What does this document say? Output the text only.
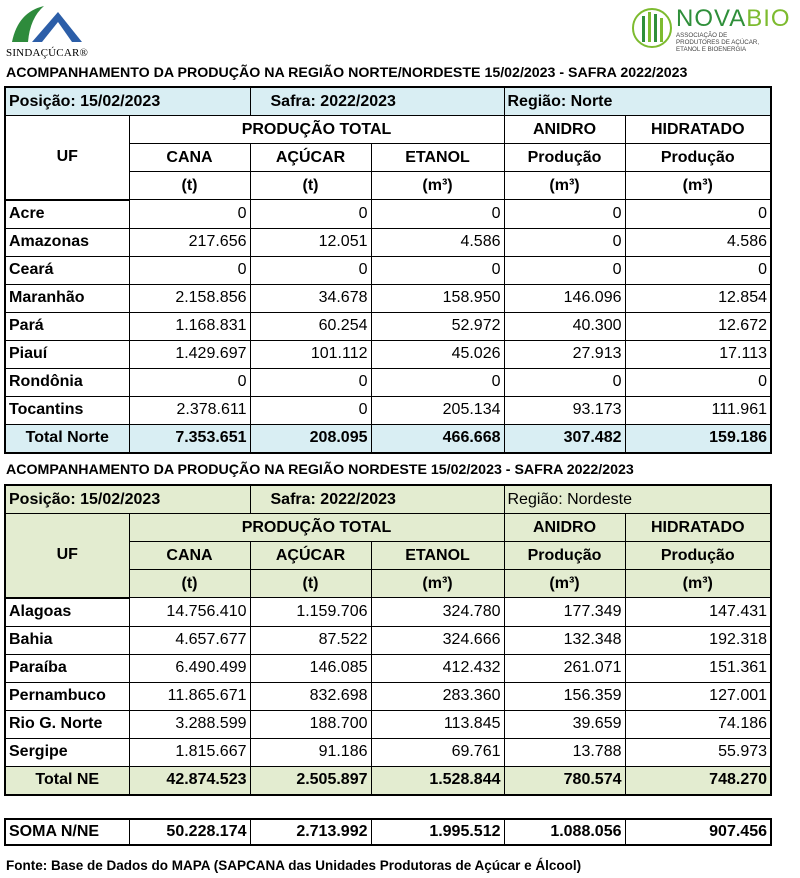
SINDAÇÚCAR®
NOVABIO
ASSOCIAÇÃO DE PRODUTORES DE AÇÚCAR, ETANOL E BIOENERGIA
ACOMPANHAMENTO DA PRODUÇÃO NA REGIÃO NORTE/NORDESTE 15/02/2023 - SAFRA 2022/2023
Posição: 15/02/2023		Safra: 2022/2023		Região: Norte	
UF	PRODUÇÃO TOTAL			ANIDRO	HIDRATADO
	CANA	AÇÚCAR	ETANOL	Produção	Produção
	(t)	(t)	(m³)	(m³)	(m³)
Acre	0	0	0	0	0
Amazonas	217.656	12.051	4.586	0	4.586
Ceará	0	0	0	0	0
Maranhão	2.158.856	34.678	158.950	146.096	12.854
Pará	1.168.831	60.254	52.972	40.300	12.672
Piauí	1.429.697	101.112	45.026	27.913	17.113
Rondônia	0	0	0	0	0
Tocantins	2.378.611	0	205.134	93.173	111.961
Total Norte	7.353.651	208.095	466.668	307.482	159.186
ACOMPANHAMENTO DA PRODUÇÃO NA REGIÃO NORDESTE 15/02/2023 - SAFRA 2022/2023
Posição: 15/02/2023		Safra: 2022/2023		Região: Nordeste	
UF	PRODUÇÃO TOTAL			ANIDRO	HIDRATADO
	CANA	AÇÚCAR	ETANOL	Produção	Produção
	(t)	(t)	(m³)	(m³)	(m³)
Alagoas	14.756.410	1.159.706	324.780	177.349	147.431
Bahia	4.657.677	87.522	324.666	132.348	192.318
Paraíba	6.490.499	146.085	412.432	261.071	151.361
Pernambuco	11.865.671	832.698	283.360	156.359	127.001
Rio G. Norte	3.288.599	188.700	113.845	39.659	74.186
Sergipe	1.815.667	91.186	69.761	13.788	55.973
Total NE	42.874.523	2.505.897	1.528.844	780.574	748.270
SOMA N/NE	50.228.174	2.713.992	1.995.512	1.088.056	907.456
Fonte: Base de Dados do MAPA (SAPCANA das Unidades Produtoras de Açúcar e Álcool)
